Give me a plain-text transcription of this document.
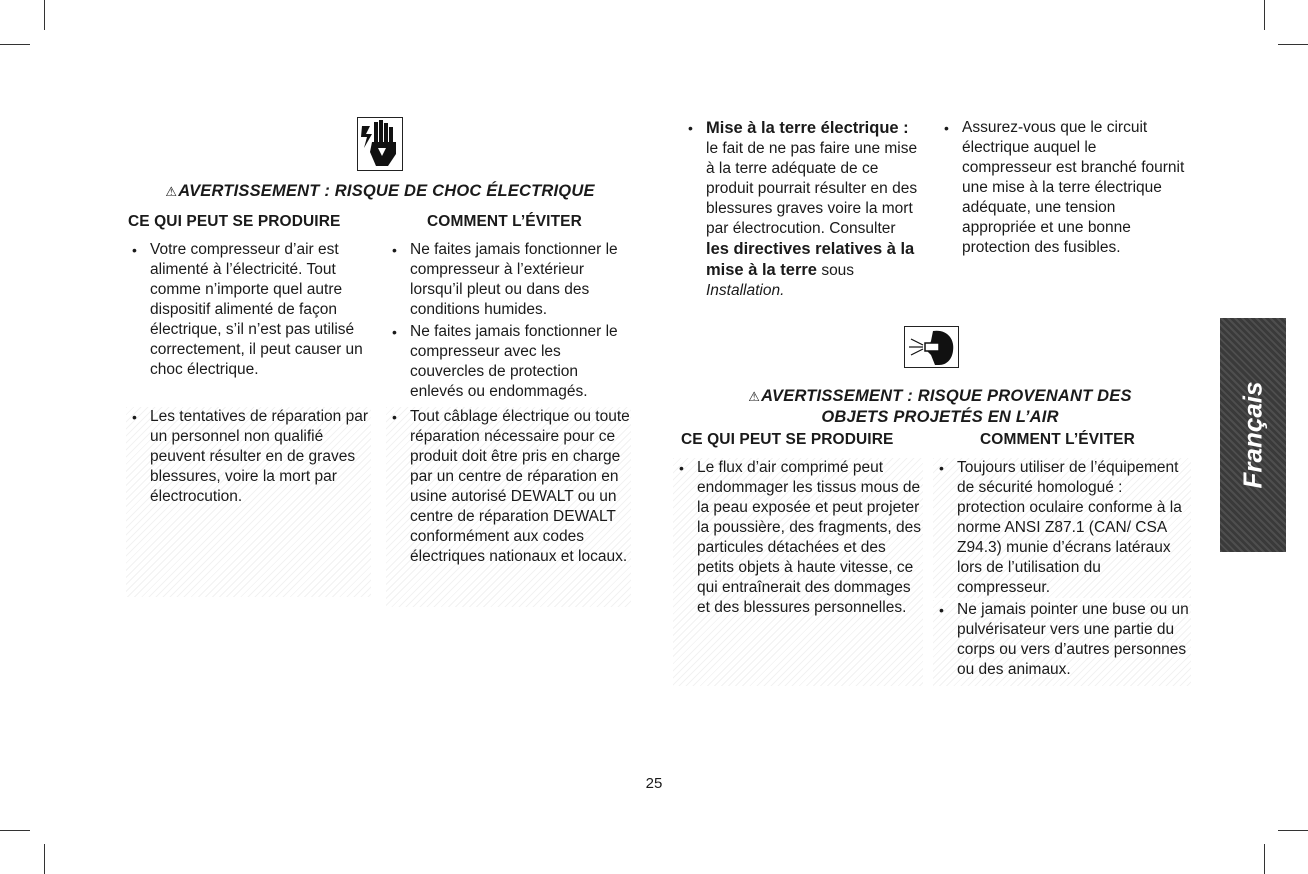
⚠AVERTISSEMENT : RISQUE DE CHOC ÉLECTRIQUE
CE QUI PEUT SE PRODUIRE	COMMENT L’ÉVITER
• Votre compresseur d’air est alimenté à l’électricité. Tout comme n’importe quel autre dispositif alimenté de façon électrique, s’il n’est pas utilisé correctement, il peut causer un choc électrique.
• Les tentatives de réparation par un personnel non qualifié peuvent résulter en de graves blessures, voire la mort par électrocution.
• Ne faites jamais fonctionner le compresseur à l’extérieur lorsqu’il pleut ou dans des conditions humides.
• Ne faites jamais fonctionner le compresseur avec les couvercles de protection enlevés ou endommagés.
• Tout câblage électrique ou toute réparation nécessaire pour ce produit doit être pris en charge par un centre de réparation en usine autorisé DEWALT ou un centre de réparation DEWALT conformément aux codes électriques nationaux et locaux.
• Mise à la terre électrique : le fait de ne pas faire une mise à la terre adéquate de ce produit pourrait résulter en des blessures graves voire la mort par électrocution. Consulter les directives relatives à la mise à la terre sous Installation.
• Assurez-vous que le circuit électrique auquel le compresseur est branché fournit une mise à la terre électrique adéquate, une tension appropriée et une bonne protection des fusibles.
⚠AVERTISSEMENT : RISQUE PROVENANT DES
OBJETS PROJETÉS EN L’AIR
CE QUI PEUT SE PRODUIRE	COMMENT L’ÉVITER
• Le flux d’air comprimé peut endommager les tissus mous de la peau exposée et peut projeter la poussière, des fragments, des particules détachées et des petits objets à haute vitesse, ce qui entraînerait des dommages et des blessures personnelles.
• Toujours utiliser de l’équipement de sécurité homologué : protection oculaire conforme à la norme ANSI Z87.1 (CAN/ CSA Z94.3) munie d’écrans latéraux lors de l’utilisation du compresseur.
• Ne jamais pointer une buse ou un pulvérisateur vers une partie du corps ou vers d’autres personnes ou des animaux.
Français
25
